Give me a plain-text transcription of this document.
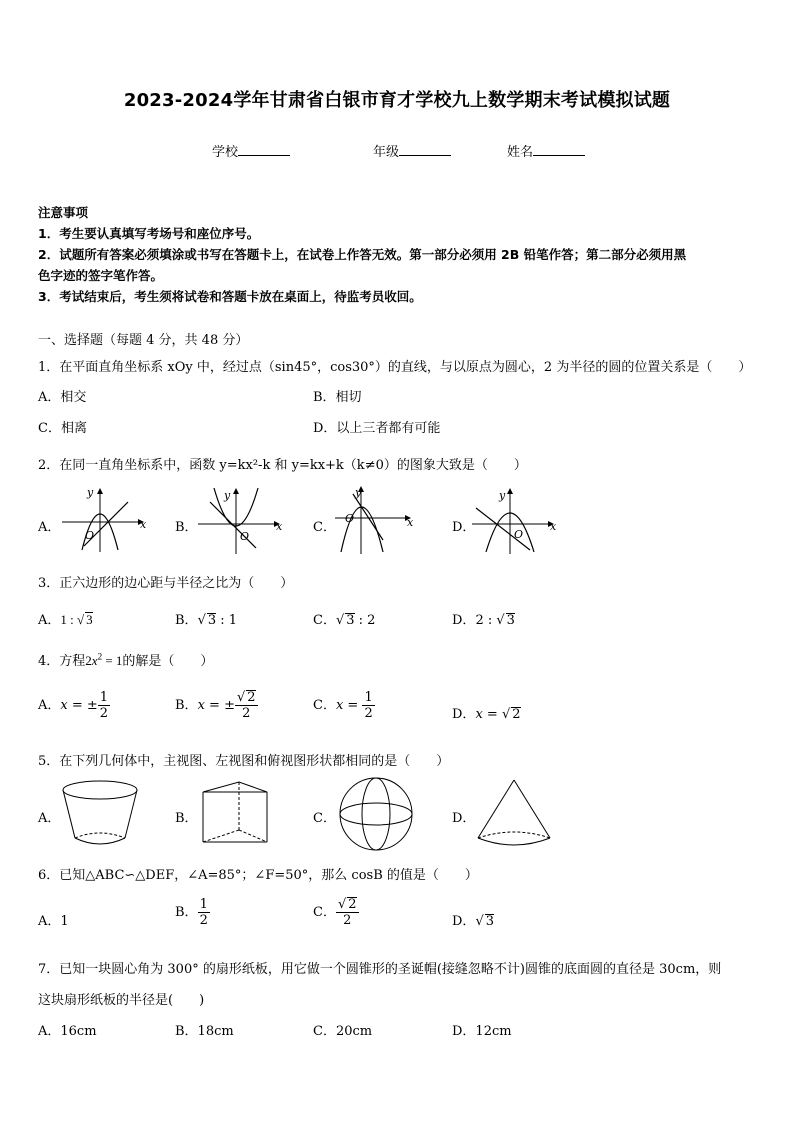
2023-2024学年甘肃省白银市育才学校九上数学期末考试模拟试题
学校	年级	姓名
注意事项
1．考生要认真填写考场号和座位序号。
2．试题所有答案必须填涂或书写在答题卡上，在试卷上作答无效。第一部分必须用 2B 铅笔作答；第二部分必须用黑
色字迹的签字笔作答。
3．考试结束后，考生须将试卷和答题卡放在桌面上，待监考员收回。
一、选择题（每题 4 分，共 48 分）
1．在平面直角坐标系 xOy 中，经过点（sin45°，cos30°）的直线，与以原点为圆心，2 为半径的圆的位置关系是（　　）
A．相交	B．相切
C．相离	D．以上三者都有可能
2．在同一直角坐标系中，函数 y=kx²-k 和 y=kx+k（k≠0）的图象大致是（　　）
A．
y
x
O
B．
y
x
O
C．
y
x
O
D．
y
x
O
3．正六边形的边心距与半径之比为（　　）
A．1 : √ 3	B．√ 3 : 1	C．√ 3 : 2	D．2 : √ 3
4．方程$2x^2 = 1$的解是（　　）
A．x = ± $\frac{1}{2}$	B．x = ± $\frac{√ 2}{2}$	C．$x = \frac{1}{2}$	D．x = √ 2
5．在下列几何体中，主视图、左视图和俯视图形状都相同的是（　　）
A．	B．	C．	D．
6．已知△ABC∽△DEF，∠A=85°；∠F=50°，那么 cosB 的值是（　　）
A．1
B． $\frac{1}{2}$	C． $\frac{√ 2}{2}$	D．√ 3
7．已知一块圆心角为 300° 的扇形纸板，用它做一个圆锥形的圣诞帽(接缝忽略不计)圆锥的底面圆的直径是 30cm，则
这块扇形纸板的半径是(　　)
A．16cm	B．18cm	C．20cm	D．12cm
